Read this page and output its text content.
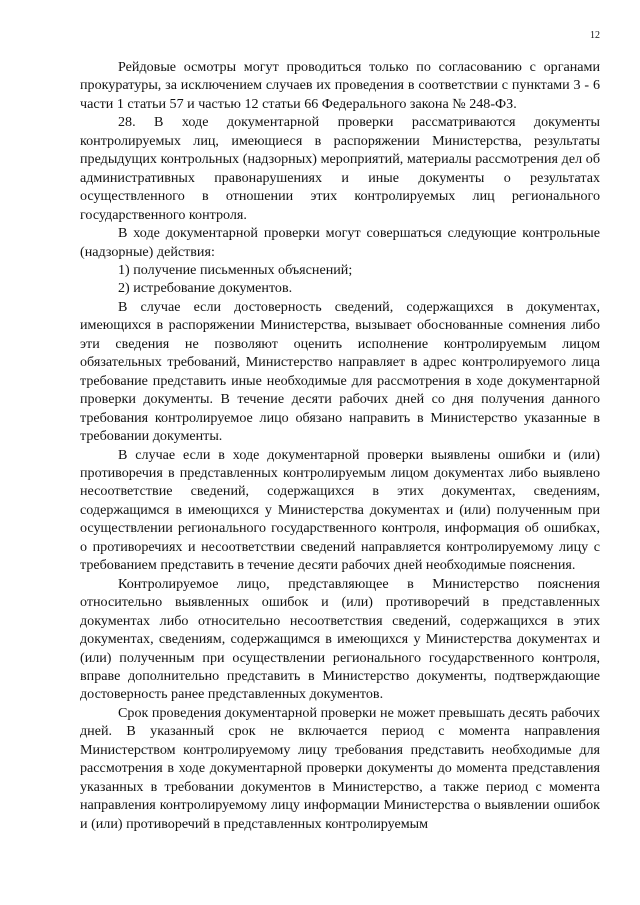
12

Рейдовые осмотры могут проводиться только по согласованию с органами прокуратуры, за исключением случаев их проведения в соответствии с пунктами 3 - 6 части 1 статьи 57 и частью 12 статьи 66 Федерального закона № 248-ФЗ.

28. В ходе документарной проверки рассматриваются документы контролируемых лиц, имеющиеся в распоряжении Министерства, результаты предыдущих контрольных (надзорных) мероприятий, материалы рассмотрения дел об административных правонарушениях и иные документы о результатах осуществленного в отношении этих контролируемых лиц регионального государственного контроля.

В ходе документарной проверки могут совершаться следующие контрольные (надзорные) действия:

1) получение письменных объяснений;

2) истребование документов.

В случае если достоверность сведений, содержащихся в документах, имеющихся в распоряжении Министерства, вызывает обоснованные сомнения либо эти сведения не позволяют оценить исполнение контролируемым лицом обязательных требований, Министерство направляет в адрес контролируемого лица требование представить иные необходимые для рассмотрения в ходе документарной проверки документы. В течение десяти рабочих дней со дня получения данного требования контролируемое лицо обязано направить в Министерство указанные в требовании документы.

В случае если в ходе документарной проверки выявлены ошибки и (или) противоречия в представленных контролируемым лицом документах либо выявлено несоответствие сведений, содержащихся в этих документах, сведениям, содержащимся в имеющихся у Министерства документах и (или) полученным при осуществлении регионального государственного контроля, информация об ошибках, о противоречиях и несоответствии сведений направляется контролируемому лицу с требованием представить в течение десяти рабочих дней необходимые пояснения.

Контролируемое лицо, представляющее в Министерство пояснения относительно выявленных ошибок и (или) противоречий в представленных документах либо относительно несоответствия сведений, содержащихся в этих документах, сведениям, содержащимся в имеющихся у Министерства документах и (или) полученным при осуществлении регионального государственного контроля, вправе дополнительно представить в Министерство документы, подтверждающие достоверность ранее представленных документов.

Срок проведения документарной проверки не может превышать десять рабочих дней. В указанный срок не включается период с момента направления Министерством контролируемому лицу требования представить необходимые для рассмотрения в ходе документарной проверки документы до момента представления указанных в требовании документов в Министерство, а также период с момента направления контролируемому лицу информации Министерства о выявлении ошибок и (или) противоречий в представленных контролируемым
